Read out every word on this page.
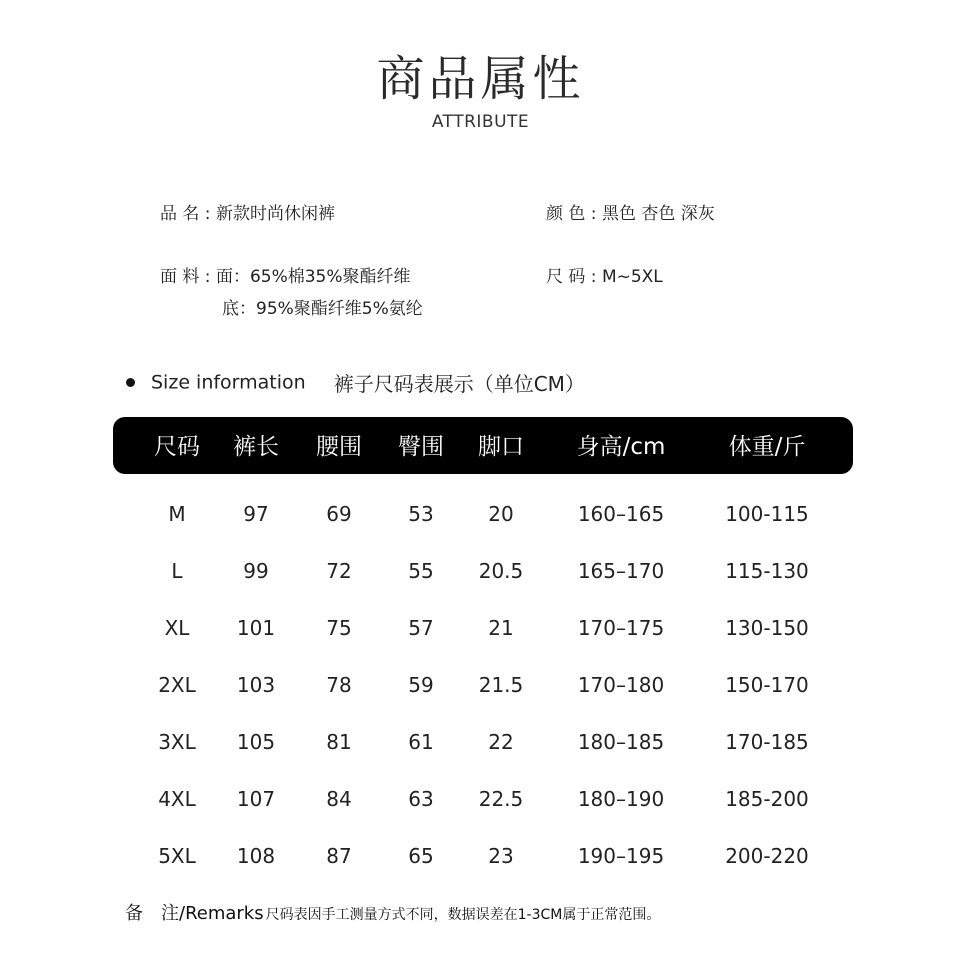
商品属性
ATTRIBUTE
品 名 : 新款时尚休闲裤	颜 色 : 黑色 杏色 深灰
面 料 : 面：65%棉35%聚酯纤维
底：95%聚酯纤维5%氨纶
尺 码 : M~5XL
Size information 裤子尺码表展示（单位CM）
尺码 裤长 腰围 臀围 脚口 身高/cm	体重/斤
M	97	69	53	20	160–165	100-115
L	99	72	55 20.5	165–170	115-130
XL 101	75	57	21	170–175	130-150
2XL 103	78	59 21.5	170–180	150-170
3XL 105	81	61	22	180–185	170-185
4XL 107	84	63 22.5	180–190	185-200
5XL 108	87	65	23	190–195	200-220
备　注/Remarks 尺码表因手工测量方式不同，数据误差在1-3CM属于正常范围。
